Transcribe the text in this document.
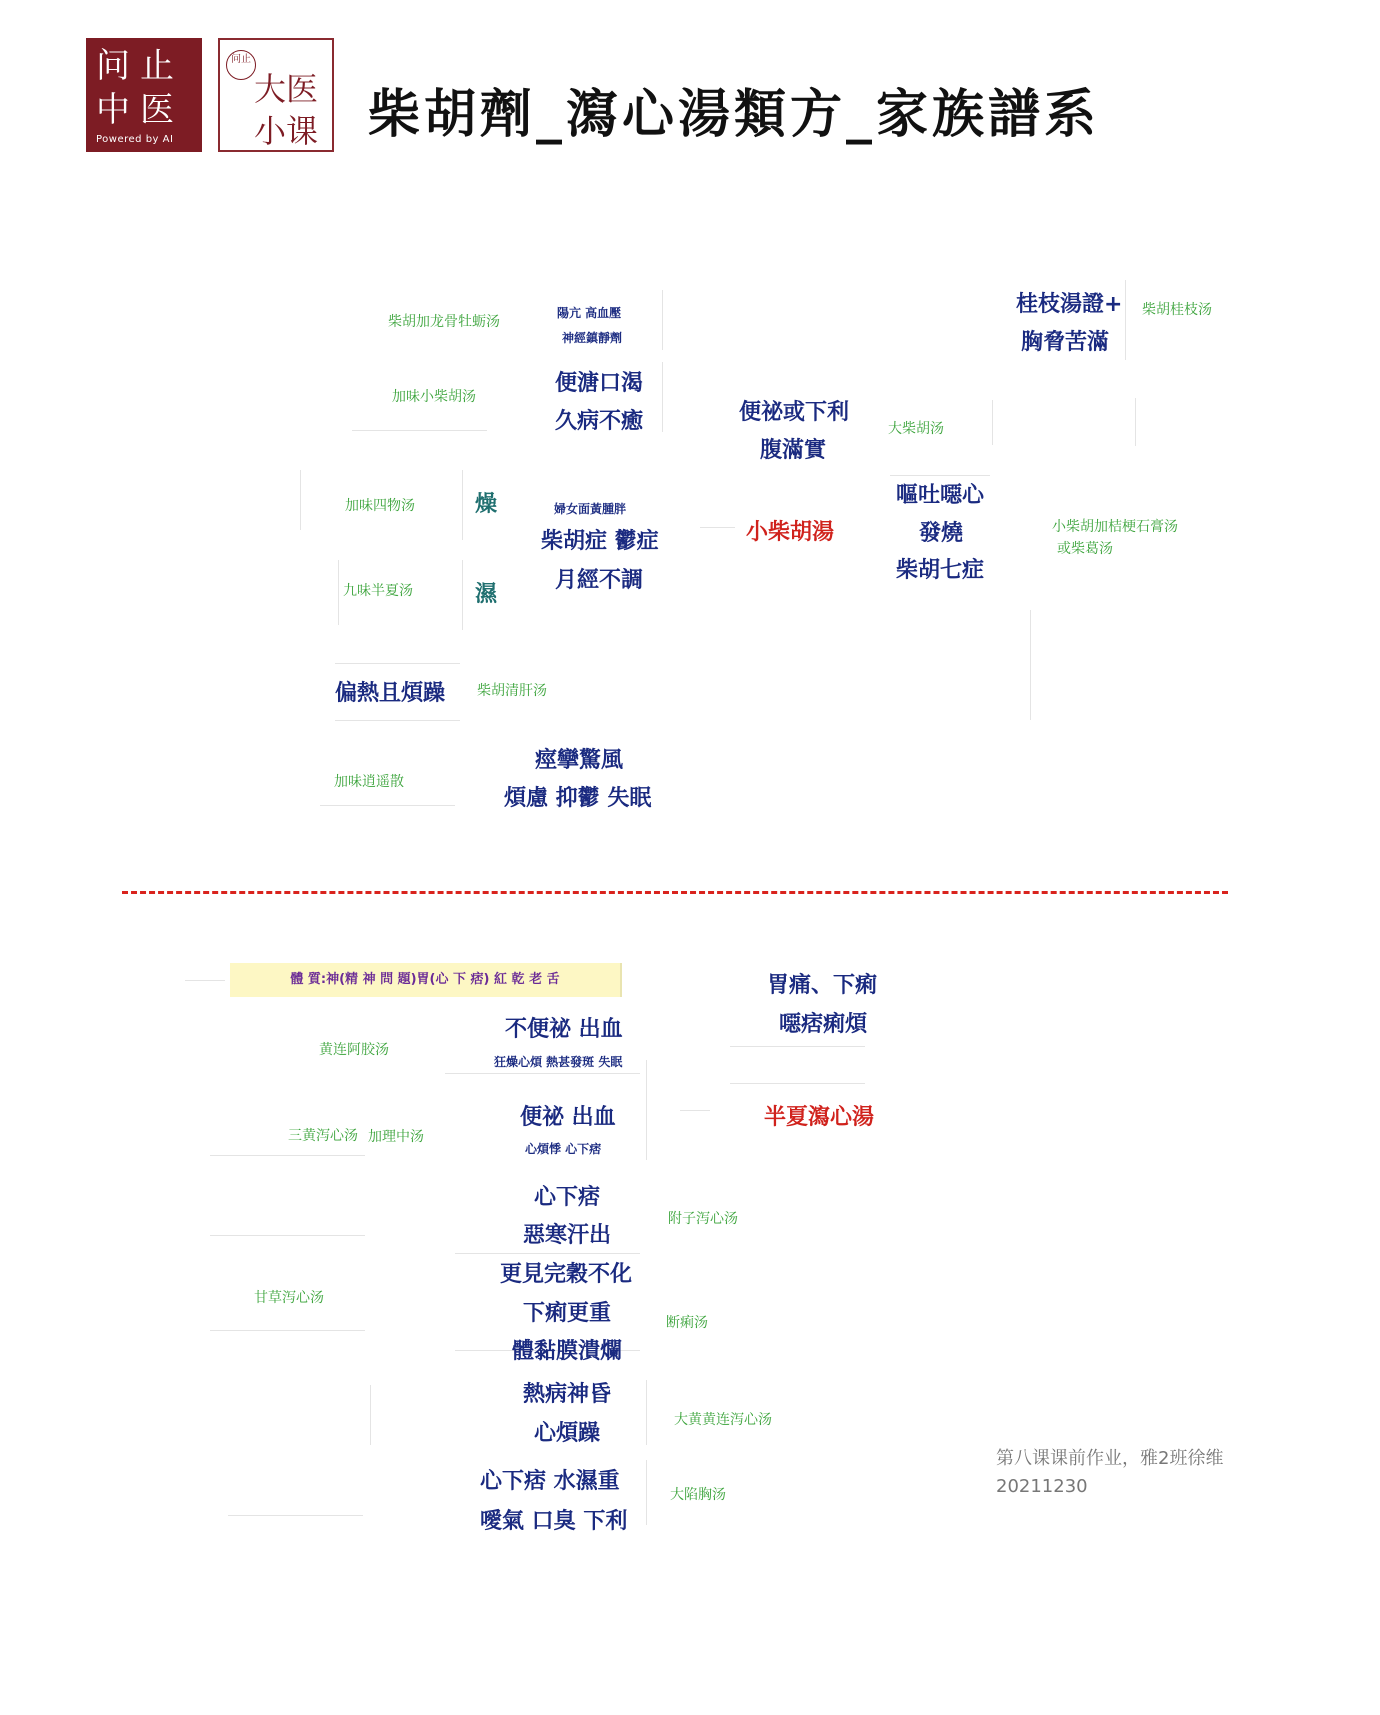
问止
中医
Powered by AI
问止
大医
小课 柴胡劑_瀉心湯類方_家族譜系
柴胡加龙骨牡蛎汤
加味小柴胡汤
加味四物汤
九味半夏汤
柴胡清肝汤
加味逍遥散
大柴胡汤
柴胡桂枝汤
小柴胡加桔梗石膏汤
或柴葛汤
陽亢 高血壓
神經鎮靜劑
便溏口渴
久病不癒
燥
濕
婦女面黃腫胖
柴胡症 鬱症
月經不調
偏熱且煩躁
痙攣驚風
煩慮 抑鬱 失眠
便祕或下利
腹滿實
桂枝湯證+
胸脅苦滿
嘔吐噁心
發燒
柴胡七症
小柴胡湯
體 質:神(精 神 問 題)胃(心 下 痞) 紅 乾 老 舌
黄连阿胶汤
三黄泻心汤 加理中汤
附子泻心汤
甘草泻心汤
断痢汤
大黄黄连泻心汤
大陷胸汤
不便祕 出血
狂燥心煩 熱甚發斑 失眠
便祕 出血
心煩悸 心下痞
心下痞
惡寒汗出
更見完穀不化
下痢更重
體黏膜潰爛
熱病神昏
心煩躁
心下痞 水濕重
噯氣 口臭 下利
胃痛、下痢
噁痞痢煩
半夏瀉心湯
第八课课前作业，雅2班徐维
20211230
